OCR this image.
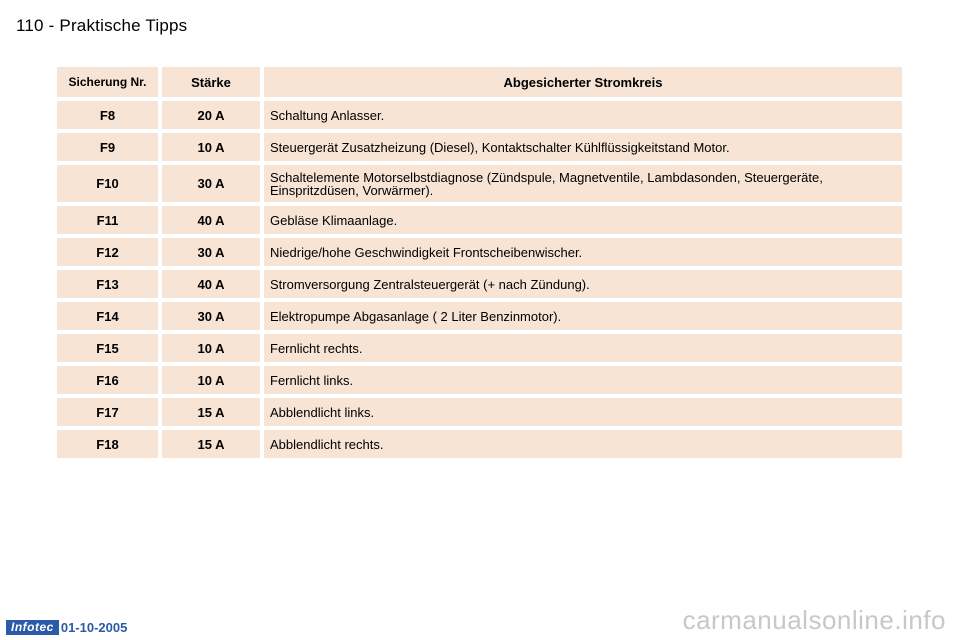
110 - Praktische Tipps
Sicherung Nr.	Stärke	Abgesicherter Stromkreis
F8	20 A	Schaltung Anlasser.
F9	10 A	Steuergerät Zusatzheizung (Diesel), Kontaktschalter Kühlflüssigkeitstand Motor.
F10	30 A	Schaltelemente Motorselbstdiagnose (Zündspule, Magnetventile, Lambdasonden, Steuergeräte, Einspritzdüsen, Vorwärmer).
F11	40 A	Gebläse Klimaanlage.
F12	30 A	Niedrige/hohe Geschwindigkeit Frontscheibenwischer.
F13	40 A	Stromversorgung Zentralsteuergerät (+ nach Zündung).
F14	30 A	Elektropumpe Abgasanlage ( 2 Liter Benzinmotor).
F15	10 A	Fernlicht rechts.
F16	10 A	Fernlicht links.
F17	15 A	Abblendlicht links.
F18	15 A	Abblendlicht rechts.
Infotec 01-10-2005	carmanualsonline.info
